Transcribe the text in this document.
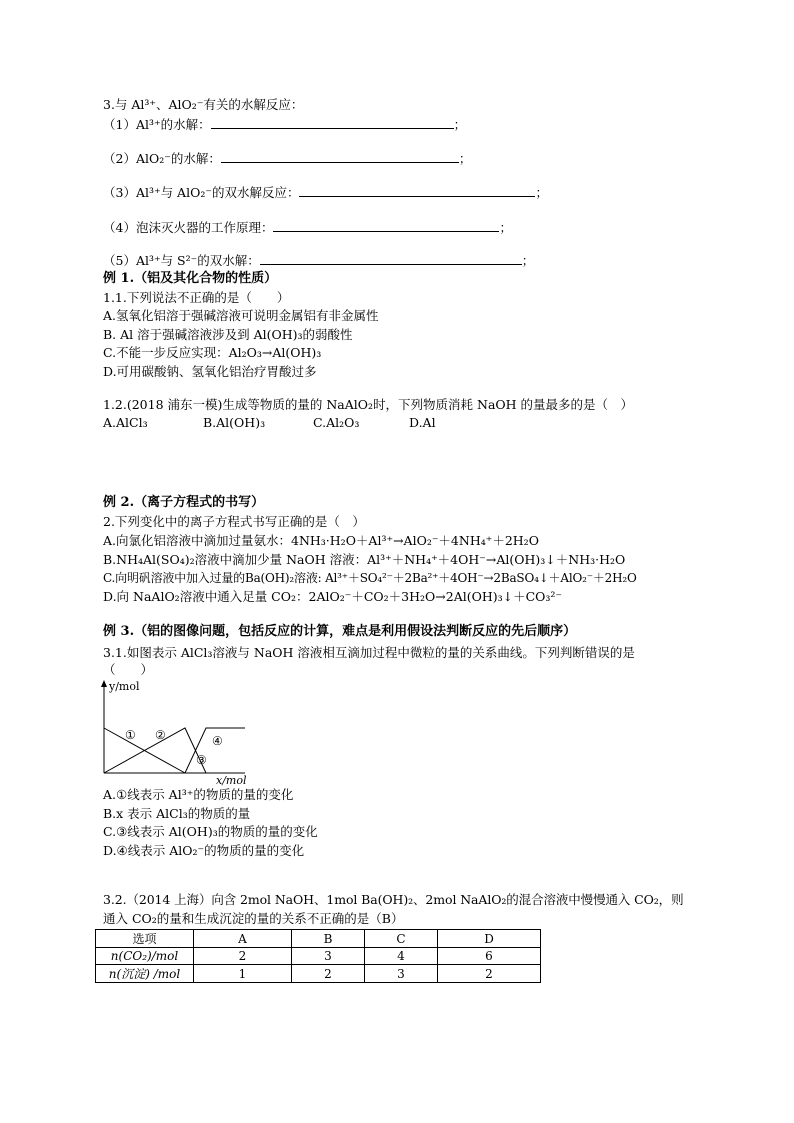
3.与 Al³⁺、AlO₂⁻有关的水解反应：
（1）Al³⁺的水解：	；
（2）AlO₂⁻的水解：	；
（3）Al³⁺与 AlO₂⁻的双水解反应：	；
（4）泡沫灭火器的工作原理：	；
（5）Al³⁺与 S²⁻的双水解：	；
例 1.（铝及其化合物的性质）
1.1.下列说法不正确的是（　　）
A.氢氧化铝溶于强碱溶液可说明金属铝有非金属性
B. Al 溶于强碱溶液涉及到 Al(OH)₃的弱酸性
C.不能一步反应实现：Al₂O₃→Al(OH)₃
D.可用碳酸钠、氢氧化铝治疗胃酸过多
1.2.(2018 浦东一模)生成等物质的量的 NaAlO₂时，下列物质消耗 NaOH 的量最多的是（　）
A.AlCl₃	B.Al(OH)₃	C.Al₂O₃	D.Al
例 2.（离子方程式的书写）
2.下列变化中的离子方程式书写正确的是（　）
A.向氯化铝溶液中滴加过量氨水：4NH₃·H₂O＋Al³⁺→AlO₂⁻＋4NH₄⁺＋2H₂O
B.NH₄Al(SO₄)₂溶液中滴加少量 NaOH 溶液：Al³⁺＋NH₄⁺＋4OH⁻→Al(OH)₃↓＋NH₃·H₂O
C.向明矾溶液中加入过量的Ba(OH)₂溶液: Al³⁺＋SO₄²⁻＋2Ba²⁺＋4OH⁻→2BaSO₄↓＋AlO₂⁻＋2H₂O
D.向 NaAlO₂溶液中通入足量 CO₂：2AlO₂⁻＋CO₂＋3H₂O→2Al(OH)₃↓＋CO₃²⁻
例 3.（铝的图像问题，包括反应的计算，难点是利用假设法判断反应的先后顺序）
3.1.如图表示 AlCl₃溶液与 NaOH 溶液相互滴加过程中微粒的量的关系曲线。下列判断错误的是
（　　）
y/mol
x/mol
① ②
③
④
A.①线表示 Al³⁺的物质的量的变化
B.x 表示 AlCl₃的物质的量
C.③线表示 Al(OH)₃的物质的量的变化
D.④线表示 AlO₂⁻的物质的量的变化
3.2.（2014 上海）向含 2mol NaOH、1mol Ba(OH)₂、2mol NaAlO₂的混合溶液中慢慢通入 CO₂，则
通入 CO₂的量和生成沉淀的量的关系不正确的是（B）
选项	A	B	C	D
n(CO₂)/mol	2	3	4	6
n(沉淀) /mol	1	2	3	2
